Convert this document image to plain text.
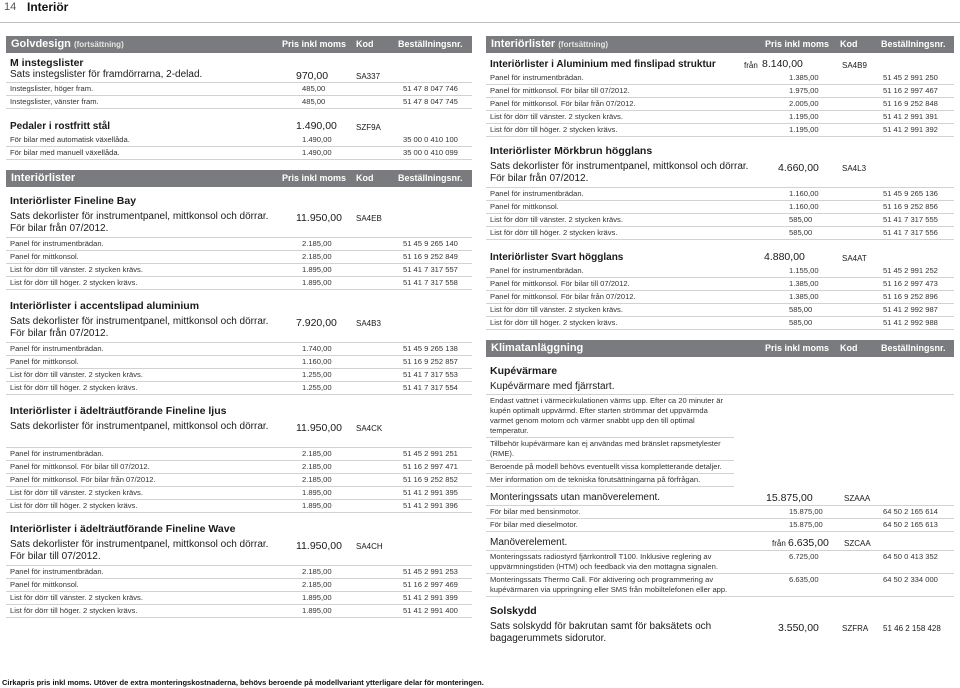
14 Interiör
Golvdesign (fortsättning)	Pris inkl moms Kod	Beställningsnr.
M instegslister
Sats instegslister för framdörrarna, 2-delad.	970,00	SA337
Instegslister, höger fram.	485,00	51 47 8 047 746
Instegslister, vänster fram.	485,00	51 47 8 047 745
Pedaler i rostfritt stål	1.490,00 SZF9A
För bilar med automatisk växellåda.	1.490,00	35 00 0 410 100
För bilar med manuell växellåda.	1.490,00	35 00 0 410 099
Interiörlister	Pris inkl moms Kod	Beställningsnr.
Interiörlister Fineline Bay
Sats dekorlister för instrumentpanel, mittkonsol och dörrar. För bilar från 07/2012.
11.950,00 SA4EB
Panel för instrumentbrädan.	2.185,00	51 45 9 265 140
Panel för mittkonsol.	2.185,00	51 16 9 252 849
List för dörr till vänster. 2 stycken krävs.	1.895,00	51 41 7 317 557
List för dörr till höger. 2 stycken krävs.	1.895,00	51 41 7 317 558
Interiörlister i accentslipad aluminium
Sats dekorlister för instrumentpanel, mittkonsol och dörrar. För bilar från 07/2012.
7.920,00 SA4B3
Panel för instrumentbrädan.	1.740,00	51 45 9 265 138
Panel för mittkonsol.	1.160,00	51 16 9 252 857
List för dörr till vänster. 2 stycken krävs.	1.255,00	51 41 7 317 553
List för dörr till höger. 2 stycken krävs.	1.255,00	51 41 7 317 554
Interiörlister i ädelträutförande Fineline ljus
Sats dekorlister för instrumentpanel, mittkonsol och dörrar.	11.950,00 SA4CK
Panel för instrumentbrädan.	2.185,00	51 45 2 991 251
Panel för mittkonsol. För bilar till 07/2012.	2.185,00	51 16 2 997 471
Panel för mittkonsol. För bilar från 07/2012.	2.185,00	51 16 9 252 852
List för dörr till vänster. 2 stycken krävs.	1.895,00	51 41 2 991 395
List för dörr till höger. 2 stycken krävs.	1.895,00	51 41 2 991 396
Interiörlister i ädelträutförande Fineline Wave
Sats dekorlister för instrumentpanel, mittkonsol och dörrar. För bilar till 07/2012.
11.950,00 SA4CH
Panel för instrumentbrädan.	2.185,00	51 45 2 991 253
Panel för mittkonsol.	2.185,00	51 16 2 997 469
List för dörr till vänster. 2 stycken krävs.	1.895,00	51 41 2 991 399
List för dörr till höger. 2 stycken krävs.	1.895,00	51 41 2 991 400
Interiörlister (fortsättning)	Pris inkl moms Kod	Beställningsnr.
Interiörlister i Aluminium med finslipad struktur	från 8.140,00	SA4B9
Panel för instrumentbrädan.	1.385,00	51 45 2 991 250
Panel för mittkonsol. För bilar till 07/2012.	1.975,00	51 16 2 997 467
Panel för mittkonsol. För bilar från 07/2012.	2.005,00	51 16 9 252 848
List för dörr till vänster. 2 stycken krävs.	1.195,00	51 41 2 991 391
List för dörr till höger. 2 stycken krävs.	1.195,00	51 41 2 991 392
Interiörlister Mörkbrun högglans
Sats dekorlister för instrumentpanel, mittkonsol och dörrar. För bilar från 07/2012.
4.660,00	SA4L3
Panel för instrumentbrädan.	1.160,00	51 45 9 265 136
Panel för mittkonsol.	1.160,00	51 16 9 252 856
List för dörr till vänster. 2 stycken krävs.	585,00	51 41 7 317 555
List för dörr till höger. 2 stycken krävs.	585,00	51 41 7 317 556
Interiörlister Svart högglans	4.880,00	SA4AT
Panel för instrumentbrädan.	1.155,00	51 45 2 991 252
Panel för mittkonsol. För bilar till 07/2012.	1.385,00	51 16 2 997 473
Panel för mittkonsol. För bilar från 07/2012.	1.385,00	51 16 9 252 896
List för dörr till vänster. 2 stycken krävs.	585,00	51 41 2 992 987
List för dörr till höger. 2 stycken krävs.	585,00	51 41 2 992 988
Klimatanläggning	Pris inkl moms Kod	Beställningsnr.
Kupévärmare
Kupévärmare med fjärrstart.
Endast vattnet i värmecirkulationen värms upp. Efter ca 20 minuter är kupén optimalt uppvärmd. Efter starten strömmar det uppvärmda varmet genom motorn och värmer snabbt upp den till optimal temperatur.
Tillbehör kupévärmare kan ej användas med bränslet rapsmetylester (RME).
Beroende på modell behövs eventuellt vissa kompletterande detaljer.
Mer information om de tekniska förutsättningarna på förfrågan.
Monteringssats utan manöverelement.	15.875,00	SZAAA
För bilar med bensinmotor.	15.875,00	64 50 2 165 614
För bilar med dieselmotor.	15.875,00	64 50 2 165 613
Manöverelement.	från 6.635,00 SZCAA
Monteringssats radiostyrd fjärrkontroll T100. Inklusive reglering av uppvärmningstiden (HTM) och feedback via den mottagna signalen.
6.725,00	64 50 0 413 352
Monteringssats Thermo Call. För aktivering och programmering av kupévärmaren via uppringning eller SMS från mobiltelefonen eller app.
6.635,00	64 50 2 334 000
Solskydd
Sats solskydd för bakrutan samt för baksätets och bagagerummets sidorutor.
3.550,00	SZFRA 51 46 2 158 428
Cirkapris pris inkl moms. Utöver de extra monteringskostnaderna, behövs beroende på modellvariant ytterligare delar för monteringen.
